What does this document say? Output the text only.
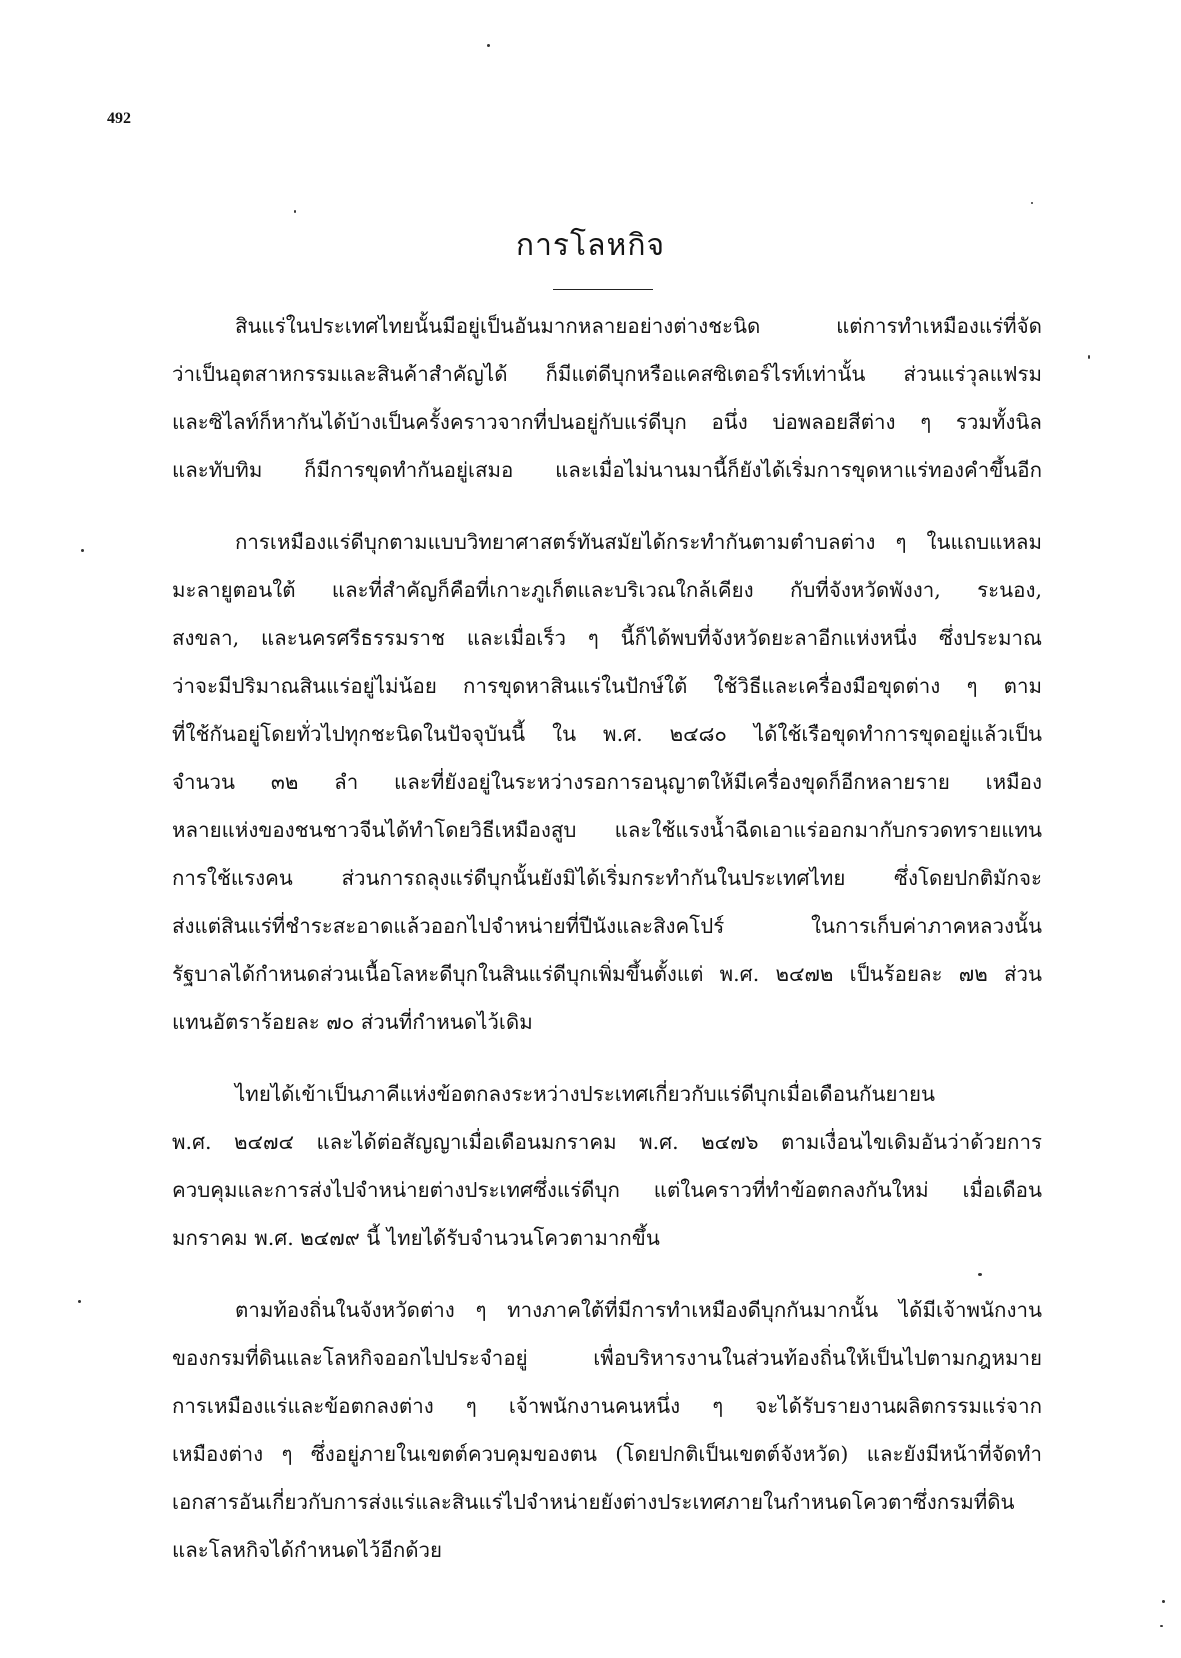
492
การโลหกิจ
สินแร่ในประเทศไทยนั้นมีอยู่เป็นอันมากหลายอย่างต่างชะนิด แต่การทำเหมืองแร่ที่จัด
ว่าเป็นอุตสาหกรรมและสินค้าสำคัญได้ ก็มีแต่ดีบุกหรือแคสซิเตอร์ไรท์เท่านั้น ส่วนแร่วุลแฟรม
และซิไลท์ก็หากันได้บ้างเป็นครั้งคราวจากที่ปนอยู่กับแร่ดีบุก อนึ่ง บ่อพลอยสีต่าง ๆ รวมทั้งนิล
และทับทิม ก็มีการขุดทำกันอยู่เสมอ และเมื่อไม่นานมานี้ก็ยังได้เริ่มการขุดหาแร่ทองคำขึ้นอีก
การเหมืองแร่ดีบุกตามแบบวิทยาศาสตร์ทันสมัยได้กระทำกันตามตำบลต่าง ๆ ในแถบแหลม
มะลายูตอนใต้ และที่สำคัญก็คือที่เกาะภูเก็ตและบริเวณใกล้เคียง กับที่จังหวัดพังงา, ระนอง,
สงขลา, และนครศรีธรรมราช และเมื่อเร็ว ๆ นี้ก็ได้พบที่จังหวัดยะลาอีกแห่งหนึ่ง ซึ่งประมาณ
ว่าจะมีปริมาณสินแร่อยู่ไม่น้อย การขุดหาสินแร่ในปักษ์ใต้ ใช้วิธีและเครื่องมือขุดต่าง ๆ ตาม
ที่ใช้กันอยู่โดยทั่วไปทุกชะนิดในปัจจุบันนี้ ใน พ.ศ. ๒๔๘๐ ได้ใช้เรือขุดทำการขุดอยู่แล้วเป็น
จำนวน ๓๒ ลำ และที่ยังอยู่ในระหว่างรอการอนุญาตให้มีเครื่องขุดก็อีกหลายราย เหมือง
หลายแห่งของชนชาวจีนได้ทำโดยวิธีเหมืองสูบ และใช้แรงน้ำฉีดเอาแร่ออกมากับกรวดทรายแทน
การใช้แรงคน ส่วนการถลุงแร่ดีบุกนั้นยังมิได้เริ่มกระทำกันในประเทศไทย ซึ่งโดยปกติมักจะ
ส่งแต่สินแร่ที่ชำระสะอาดแล้วออกไปจำหน่ายที่ปีนังและสิงคโปร์ ในการเก็บค่าภาคหลวงนั้น
รัฐบาลได้กำหนดส่วนเนื้อโลหะดีบุกในสินแร่ดีบุกเพิ่มขึ้นตั้งแต่ พ.ศ. ๒๔๗๒ เป็นร้อยละ ๗๒ ส่วน
แทนอัตราร้อยละ ๗๐ ส่วนที่กำหนดไว้เดิม
ไทยได้เข้าเป็นภาคีแห่งข้อตกลงระหว่างประเทศเกี่ยวกับแร่ดีบุกเมื่อเดือนกันยายน
พ.ศ. ๒๔๗๔ และได้ต่อสัญญาเมื่อเดือนมกราคม พ.ศ. ๒๔๗๖ ตามเงื่อนไขเดิมอันว่าด้วยการ
ควบคุมและการส่งไปจำหน่ายต่างประเทศซึ่งแร่ดีบุก แต่ในคราวที่ทำข้อตกลงกันใหม่ เมื่อเดือน
มกราคม พ.ศ. ๒๔๗๙ นี้ ไทยได้รับจำนวนโควตามากขึ้น
ตามท้องถิ่นในจังหวัดต่าง ๆ ทางภาคใต้ที่มีการทำเหมืองดีบุกกันมากนั้น ได้มีเจ้าพนักงาน
ของกรมที่ดินและโลหกิจออกไปประจำอยู่ เพื่อบริหารงานในส่วนท้องถิ่นให้เป็นไปตามกฎหมาย
การเหมืองแร่และข้อตกลงต่าง ๆ เจ้าพนักงานคนหนึ่ง ๆ จะได้รับรายงานผลิตกรรมแร่จาก
เหมืองต่าง ๆ ซึ่งอยู่ภายในเขตต์ควบคุมของตน (โดยปกติเป็นเขตต์จังหวัด) และยังมีหน้าที่จัดทำ
เอกสารอันเกี่ยวกับการส่งแร่และสินแร่ไปจำหน่ายยังต่างประเทศภายในกำหนดโควตาซึ่งกรมที่ดิน
และโลหกิจได้กำหนดไว้อีกด้วย
